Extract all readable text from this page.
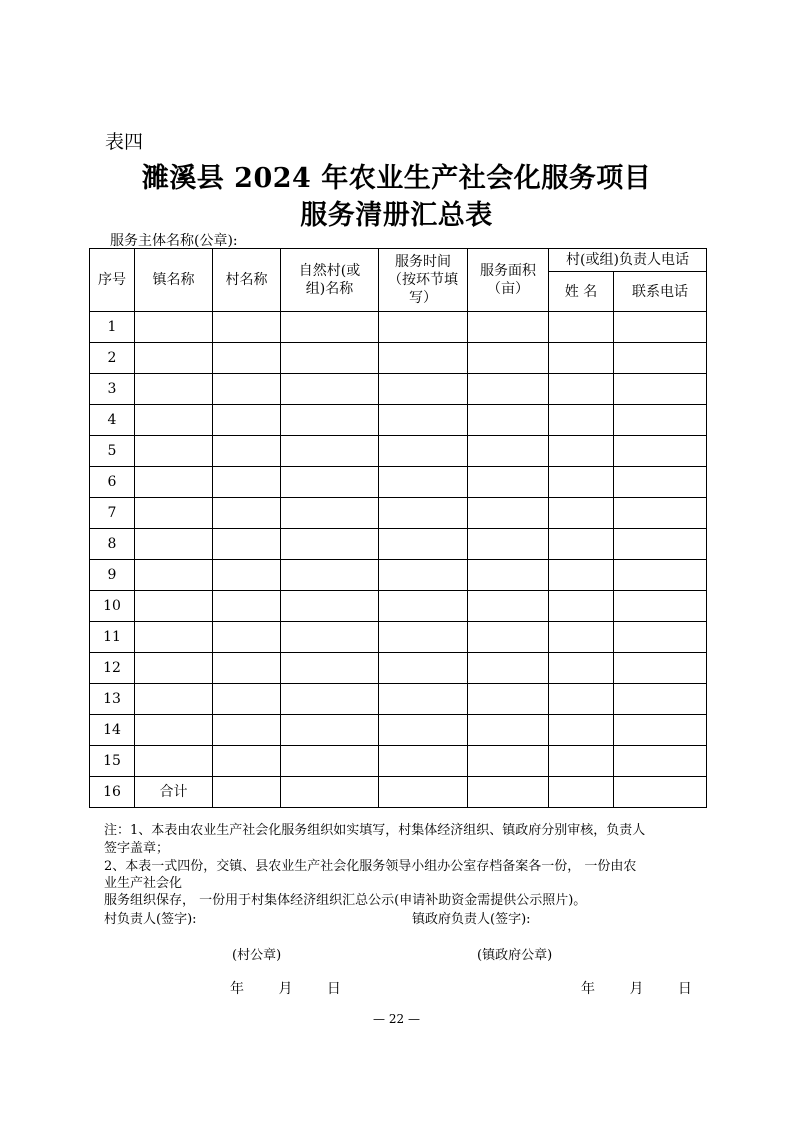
表四
濉溪县 2024 年农业生产社会化服务项目
服务清册汇总表
服务主体名称(公章):
序号	镇名称	村名称	自然村(或组)名称	服务时间（按环节填写）	服务面积（亩）	村(或组)负责人电话	
						姓 名	联系电话
1							
2							
3							
4							
5							
6							
7							
8							
9							
10							
11							
12							
13							
14							
15							
16	合计						
注：1、本表由农业生产社会化服务组织如实填写，村集体经济组织、镇政府分别审核，负责人
签字盖章；
2、本表一式四份，交镇、县农业生产社会化服务领导小组办公室存档备案各一份， 一份由农
业生产社会化
服务组织保存， 一份用于村集体经济组织汇总公示(申请补助资金需提供公示照片)。
村负责人(签字):	镇政府负责人(签字):
(村公章)	(镇政府公章)
年 月 日	年 月 日
— 22 —
